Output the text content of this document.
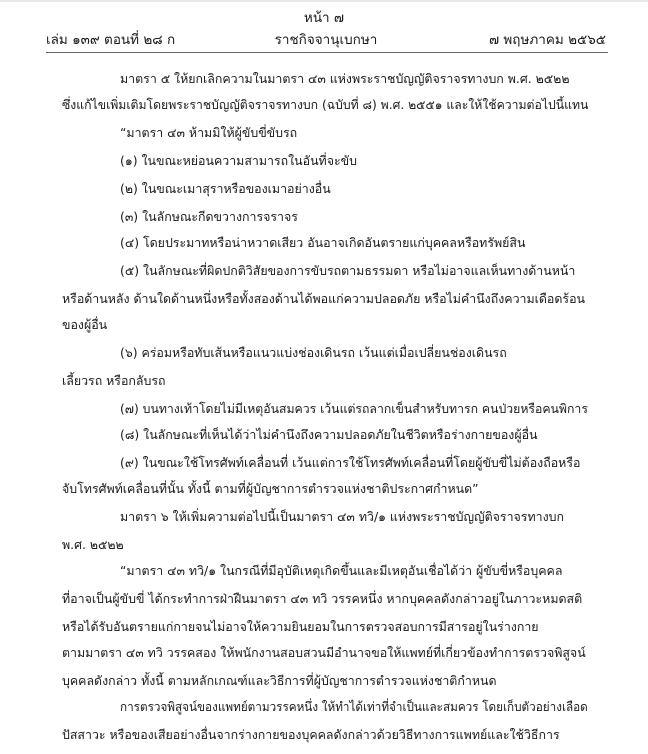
หน้า ๗
ราชกิจจานุเบกษา
เล่ม ๑๓๙ ตอนที่ ๒๘ ก	๗ พฤษภาคม ๒๕๖๕
มาตรา ๕ ให้ยกเลิกความในมาตรา ๔๓ แห่งพระราชบัญญัติจราจรทางบก พ.ศ. ๒๕๒๒
ซึ่งแก้ไขเพิ่มเติมโดยพระราชบัญญัติจราจรทางบก (ฉบับที่ ๘) พ.ศ. ๒๕๕๑ และให้ใช้ความต่อไปนี้แทน
“มาตรา ๔๓ ห้ามมิให้ผู้ขับขี่ขับรถ
(๑) ในขณะหย่อนความสามารถในอันที่จะขับ
(๒) ในขณะเมาสุราหรือของเมาอย่างอื่น
(๓) ในลักษณะกีดขวางการจราจร
(๔) โดยประมาทหรือน่าหวาดเสียว อันอาจเกิดอันตรายแก่บุคคลหรือทรัพย์สิน
(๕) ในลักษณะที่ผิดปกติวิสัยของการขับรถตามธรรมดา หรือไม่อาจแลเห็นทางด้านหน้า
หรือด้านหลัง ด้านใดด้านหนึ่งหรือทั้งสองด้านได้พอแก่ความปลอดภัย หรือไม่คำนึงถึงความเดือดร้อน
ของผู้อื่น
(๖) คร่อมหรือทับเส้นหรือแนวแบ่งช่องเดินรถ เว้นแต่เมื่อเปลี่ยนช่องเดินรถ
เลี้ยวรถ หรือกลับรถ
(๗) บนทางเท้าโดยไม่มีเหตุอันสมควร เว้นแต่รถลากเข็นสำหรับทารก คนป่วยหรือคนพิการ
(๘) ในลักษณะที่เห็นได้ว่าไม่คำนึงถึงความปลอดภัยในชีวิตหรือร่างกายของผู้อื่น
(๙) ในขณะใช้โทรศัพท์เคลื่อนที่ เว้นแต่การใช้โทรศัพท์เคลื่อนที่โดยผู้ขับขี่ไม่ต้องถือหรือ
จับโทรศัพท์เคลื่อนที่นั้น ทั้งนี้ ตามที่ผู้บัญชาการตำรวจแห่งชาติประกาศกำหนด”
มาตรา ๖ ให้เพิ่มความต่อไปนี้เป็นมาตรา ๔๓ ทวิ/๑ แห่งพระราชบัญญัติจราจรทางบก
พ.ศ. ๒๕๒๒
“มาตรา ๔๓ ทวิ/๑ ในกรณีที่มีอุบัติเหตุเกิดขึ้นและมีเหตุอันเชื่อได้ว่า ผู้ขับขี่หรือบุคคล
ที่อาจเป็นผู้ขับขี่ ได้กระทำการฝ่าฝืนมาตรา ๔๓ ทวิ วรรคหนึ่ง หากบุคคลดังกล่าวอยู่ในภาวะหมดสติ
หรือได้รับอันตรายแก่กายจนไม่อาจให้ความยินยอมในการตรวจสอบการมีสารอยู่ในร่างกาย
ตามมาตรา ๔๓ ทวิ วรรคสอง ให้พนักงานสอบสวนมีอำนาจขอให้แพทย์ที่เกี่ยวข้องทำการตรวจพิสูจน์
บุคคลดังกล่าว ทั้งนี้ ตามหลักเกณฑ์และวิธีการที่ผู้บัญชาการตำรวจแห่งชาติกำหนด
การตรวจพิสูจน์ของแพทย์ตามวรรคหนึ่ง ให้ทำได้เท่าที่จำเป็นและสมควร โดยเก็บตัวอย่างเลือด
ปัสสาวะ หรือของเสียอย่างอื่นจากร่างกายของบุคคลดังกล่าวด้วยวิธีทางการแพทย์และใช้วิธีการ
